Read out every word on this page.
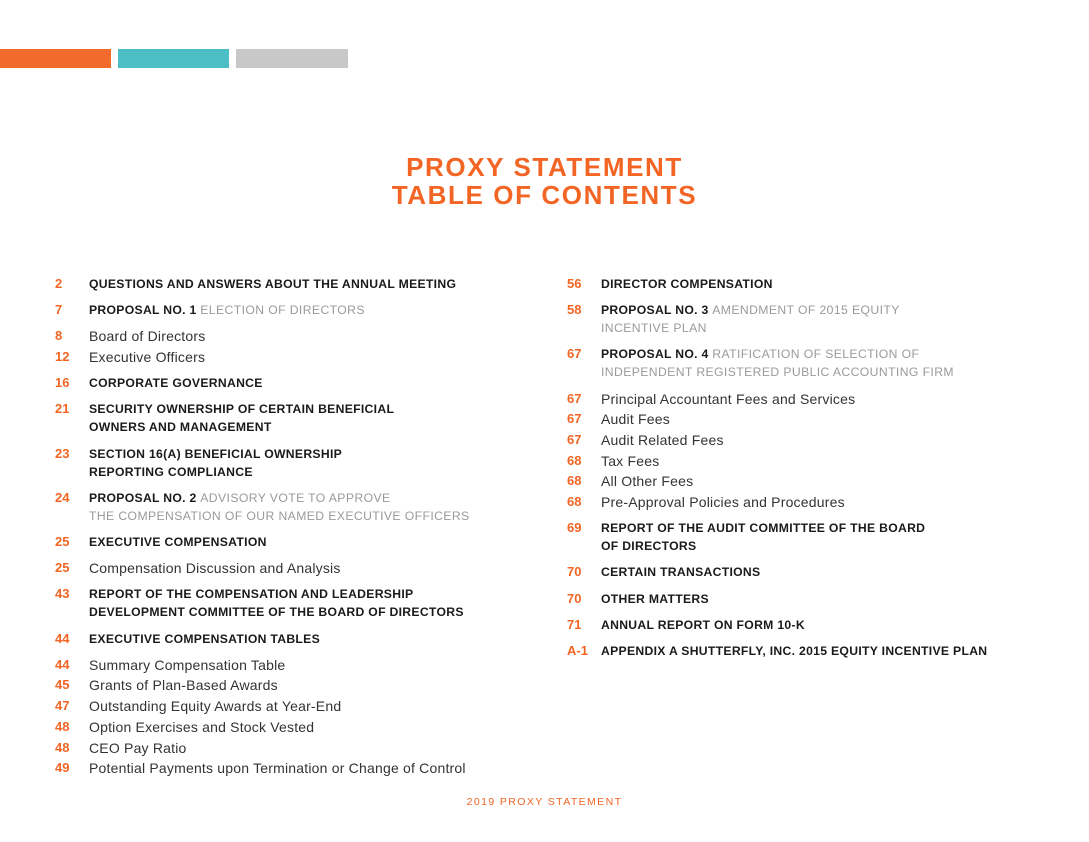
PROXY STATEMENT
TABLE OF CONTENTS
2	QUESTIONS AND ANSWERS ABOUT THE ANNUAL MEETING
7	PROPOSAL NO. 1 ELECTION OF DIRECTORS
8	Board of Directors
12	Executive Officers
16	CORPORATE GOVERNANCE
21	SECURITY OWNERSHIP OF CERTAIN BENEFICIAL
OWNERS AND MANAGEMENT
23	SECTION 16(A) BENEFICIAL OWNERSHIP
REPORTING COMPLIANCE
24	PROPOSAL NO. 2 ADVISORY VOTE TO APPROVE
THE COMPENSATION OF OUR NAMED EXECUTIVE OFFICERS
25	EXECUTIVE COMPENSATION
25	Compensation Discussion and Analysis
43	REPORT OF THE COMPENSATION AND LEADERSHIP
DEVELOPMENT COMMITTEE OF THE BOARD OF DIRECTORS
44	EXECUTIVE COMPENSATION TABLES
44	Summary Compensation Table
45	Grants of Plan-Based Awards
47	Outstanding Equity Awards at Year-End
48	Option Exercises and Stock Vested
48	CEO Pay Ratio
49	Potential Payments upon Termination or Change of Control
56	DIRECTOR COMPENSATION
58	PROPOSAL NO. 3 AMENDMENT OF 2015 EQUITY
INCENTIVE PLAN
67	PROPOSAL NO. 4 RATIFICATION OF SELECTION OF
INDEPENDENT REGISTERED PUBLIC ACCOUNTING FIRM
67	Principal Accountant Fees and Services
67	Audit Fees
67	Audit Related Fees
68	Tax Fees
68	All Other Fees
68	Pre-Approval Policies and Procedures
69	REPORT OF THE AUDIT COMMITTEE OF THE BOARD
OF DIRECTORS
70	CERTAIN TRANSACTIONS
70	OTHER MATTERS
71	ANNUAL REPORT ON FORM 10-K
A-1	APPENDIX A SHUTTERFLY, INC. 2015 EQUITY INCENTIVE PLAN
2019 PROXY STATEMENT
